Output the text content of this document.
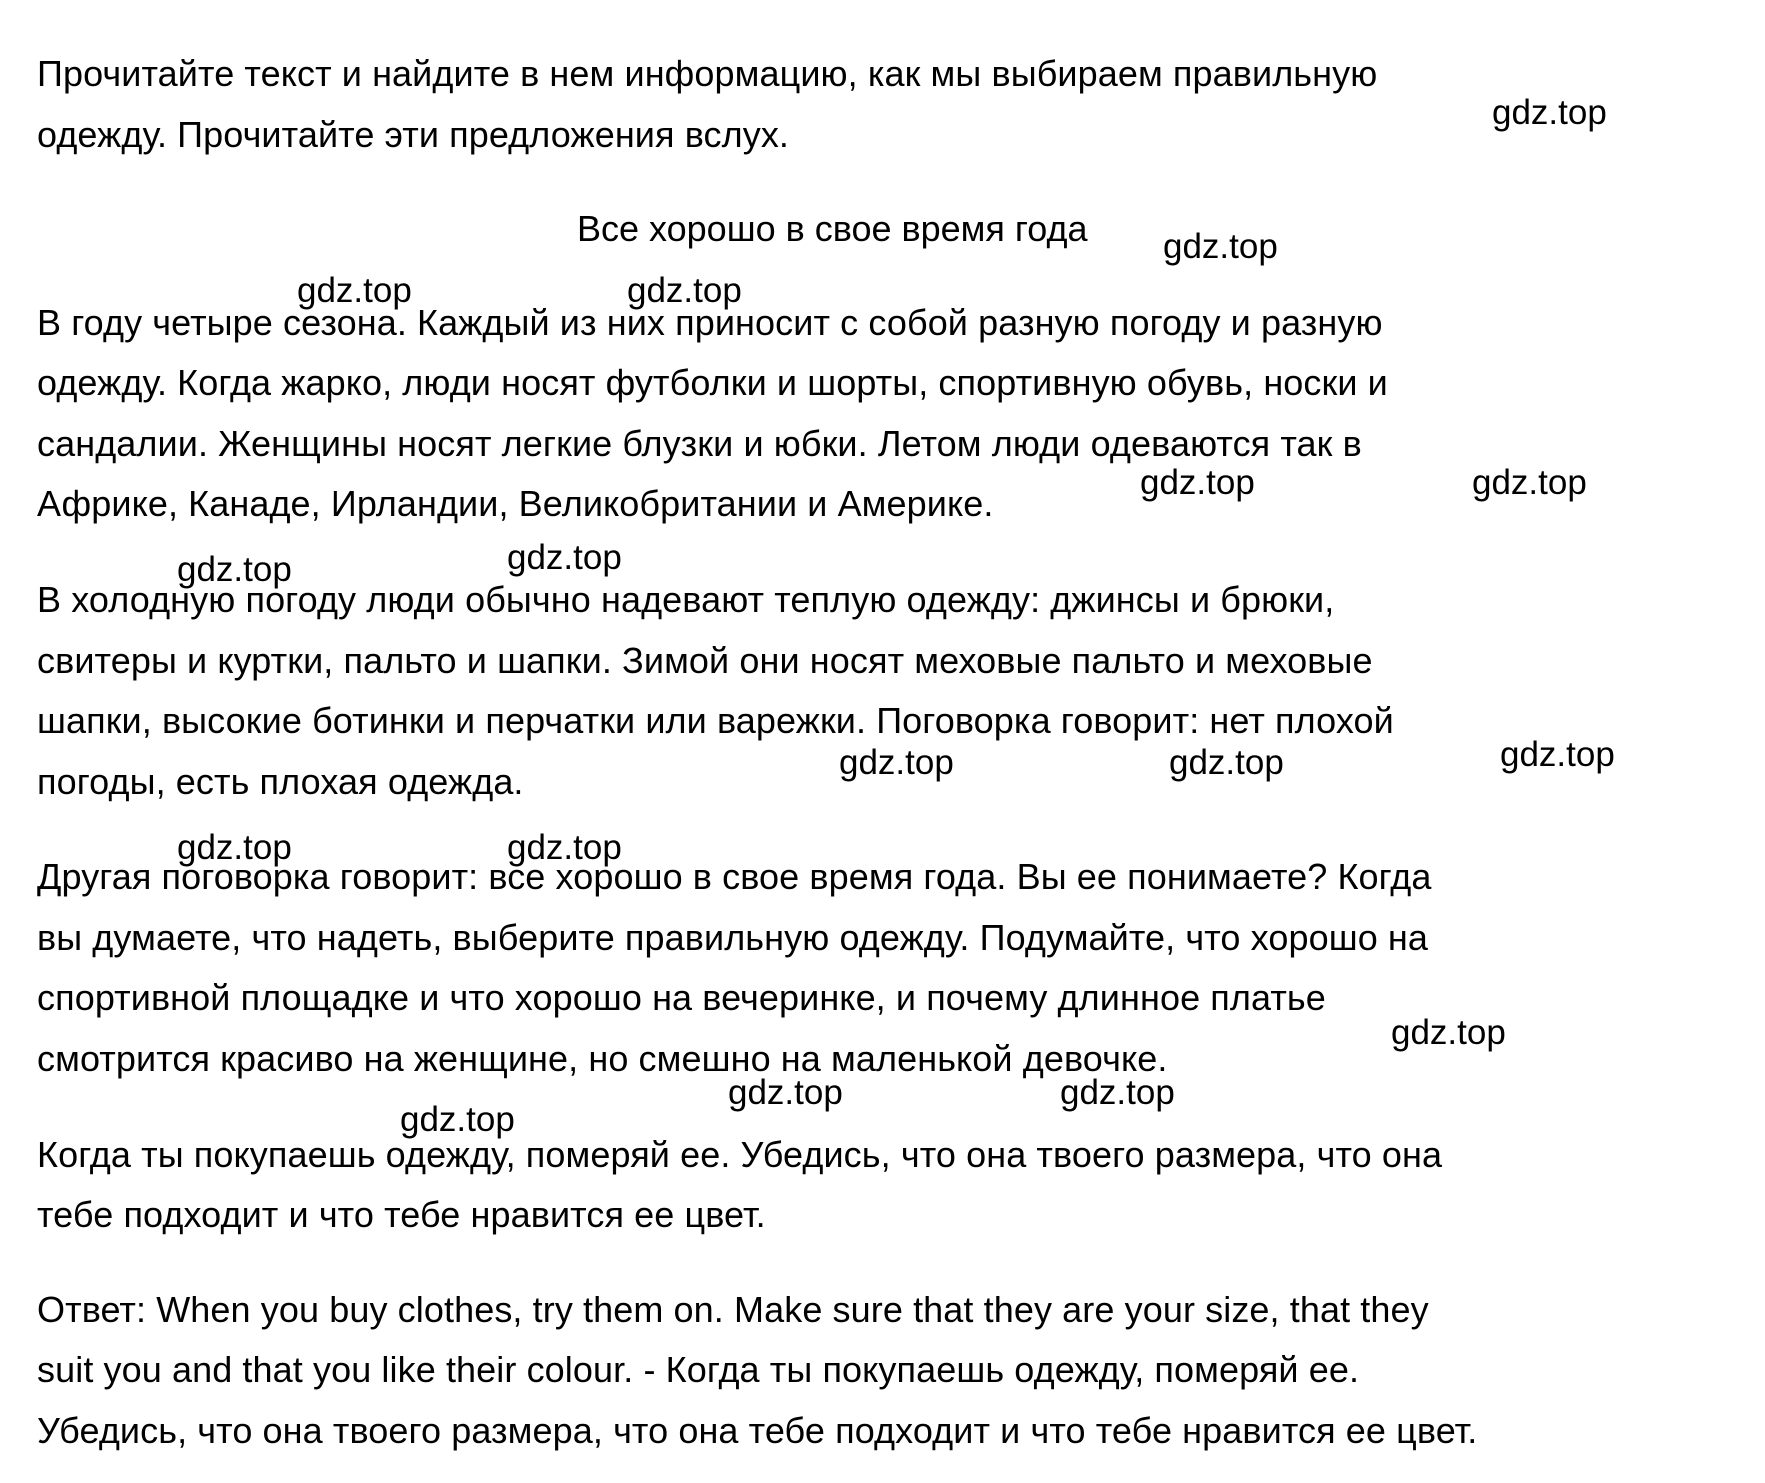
Прочитайте текст и найдите в нем информацию, как мы выбираем правильную
одежду. Прочитайте эти предложения вслух.
Все хорошо в свое время года
В году четыре сезона. Каждый из них приносит с собой разную погоду и разную
одежду. Когда жарко, люди носят футболки и шорты, спортивную обувь, носки и
сандалии. Женщины носят легкие блузки и юбки. Летом люди одеваются так в
Африке, Канаде, Ирландии, Великобритании и Америке.
В холодную погоду люди обычно надевают теплую одежду: джинсы и брюки,
свитеры и куртки, пальто и шапки. Зимой они носят меховые пальто и меховые
шапки, высокие ботинки и перчатки или варежки. Поговорка говорит: нет плохой
погоды, есть плохая одежда.
Другая поговорка говорит: все хорошо в свое время года. Вы ее понимаете? Когда
вы думаете, что надеть, выберите правильную одежду. Подумайте, что хорошо на
спортивной площадке и что хорошо на вечеринке, и почему длинное платье
смотрится красиво на женщине, но смешно на маленькой девочке.
Когда ты покупаешь одежду, померяй ее. Убедись, что она твоего размера, что она
тебе подходит и что тебе нравится ее цвет.
Ответ: When you buy clothes, try them on. Make sure that they are your size, that they
suit you and that you like their colour. - Когда ты покупаешь одежду, померяй ее.
Убедись, что она твоего размера, что она тебе подходит и что тебе нравится ее цвет.
gdz.top
gdz.top
gdz.top	gdz.top
gdz.top	gdz.top
gdz.top	gdz.top
gdz.top	gdz.top	gdz.top
gdz.top	gdz.top
gdz.top
gdz.top	gdz.top
gdz.top
